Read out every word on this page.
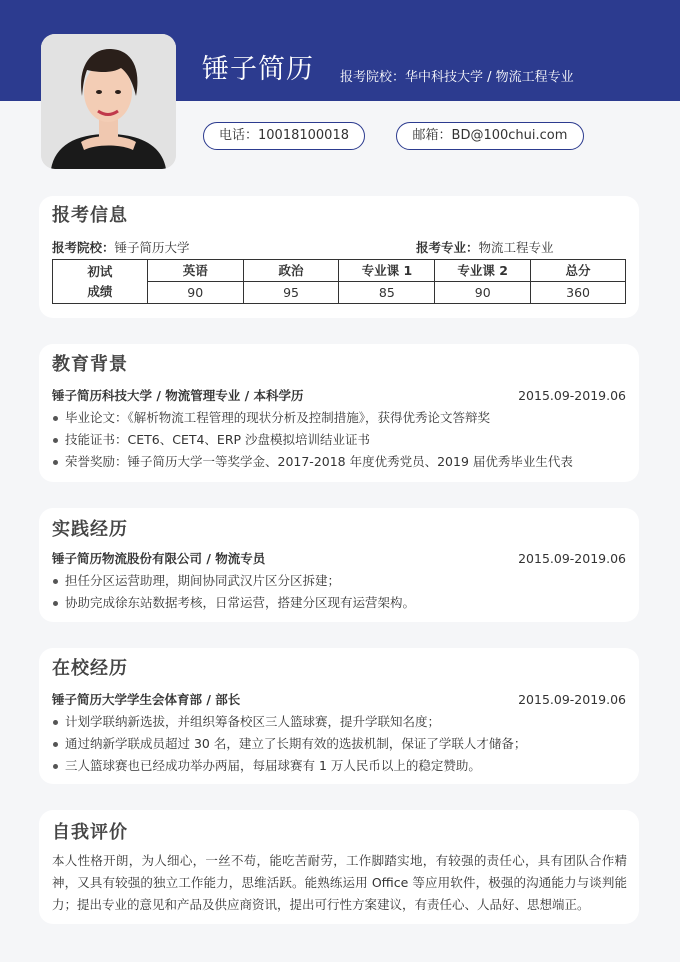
锤子简历 报考院校：华中科技大学 / 物流工程专业
电话：10018100018	邮箱：BD@100chui.com
报考信息
报考院校：锤子简历大学	报考专业：物流工程专业
初试
成绩	英语	政治	专业课 1	专业课 2	总分
	90	95	85	90	360
教育背景
锤子简历科技大学 / 物流管理专业 / 本科学历	2015.09-2019.06
毕业论文：《解析物流工程管理的现状分析及控制措施》，获得优秀论文答辩奖
技能证书：CET6、CET4、ERP 沙盘模拟培训结业证书
荣誉奖励：锤子简历大学一等奖学金、2017-2018 年度优秀党员、2019 届优秀毕业生代表
实践经历
锤子简历物流股份有限公司 / 物流专员	2015.09-2019.06
担任分区运营助理，期间协同武汉片区分区拆建；
协助完成徐东站数据考核，日常运营，搭建分区现有运营架构。
在校经历
锤子简历大学学生会体育部 / 部长	2015.09-2019.06
计划学联纳新选拔，并组织筹备校区三人篮球赛，提升学联知名度；
通过纳新学联成员超过 30 名，建立了长期有效的选拔机制，保证了学联人才储备；
三人篮球赛也已经成功举办两届，每届球赛有 1 万人民币以上的稳定赞助。
自我评价
本人性格开朗，为人细心，一丝不苟，能吃苦耐劳，工作脚踏实地，有较强的责任心，具有团队合作精神，又具有较强的独立工作能力，思维活跃。能熟练运用 Office 等应用软件，极强的沟通能力与谈判能力；提出专业的意见和产品及供应商资讯，提出可行性方案建议，有责任心、人品好、思想端正。
